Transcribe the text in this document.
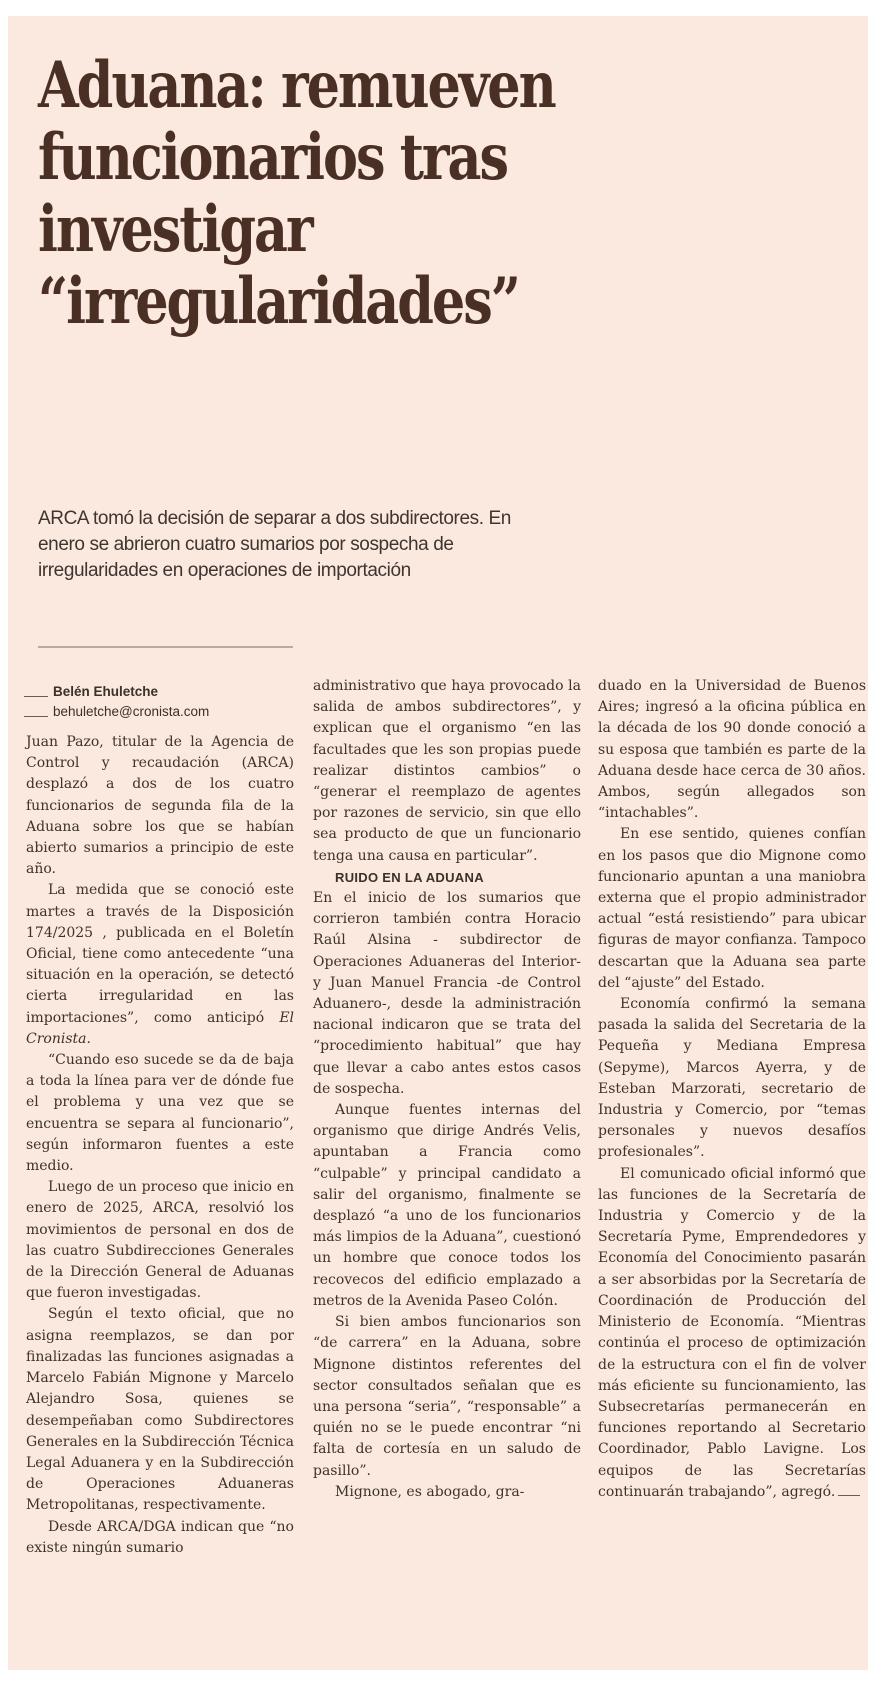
Aduana: remueven
funcionarios tras
investigar
“irregularidades”

ARCA tomó la decisión de separar a dos subdirectores. En enero se abrieron cuatro sumarios por sospecha de irregularidades en operaciones de importación

Belén Ehuletche
behuletche@cronista.com

Juan Pazo, titular de la Agencia de Control y recaudación (ARCA) desplazó a dos de los cuatro funcionarios de segunda fila de la Aduana sobre los que se habían abierto sumarios a principio de este año.

La medida que se conoció este martes a través de la Disposición 174/2025 , publicada en el Boletín Oficial, tiene como antecedente “una situación en la operación, se detectó cierta irregularidad en las importaciones”, como anticipó El Cronista.

“Cuando eso sucede se da de baja a toda la línea para ver de dónde fue el problema y una vez que se encuentra se separa al funcionario”, según informaron fuentes a este medio.

Luego de un proceso que inicio en enero de 2025, ARCA, resolvió los movimientos de personal en dos de las cuatro Subdirecciones Generales de la Dirección General de Aduanas que fueron investigadas.

Según el texto oficial, que no asigna reemplazos, se dan por finalizadas las funciones asignadas a Marcelo Fabián Mignone y Marcelo Alejandro Sosa, quienes se desempeñaban como Subdirectores Generales en la Subdirección Técnica Legal Aduanera y en la Subdirección de Operaciones Aduaneras Metropolitanas, respectivamente.

Desde ARCA/DGA indican que “no existe ningún sumario

administrativo que haya provocado la salida de ambos subdirectores”, y explican que el organismo “en las facultades que les son propias puede realizar distintos cambios” o “generar el reemplazo de agentes por razones de servicio, sin que ello sea producto de que un funcionario tenga una causa en particular”.

RUIDO EN LA ADUANA

En el inicio de los sumarios que corrieron también contra Horacio Raúl Alsina - subdirector de Operaciones Aduaneras del Interior- y Juan Manuel Francia -de Control Aduanero-, desde la administración nacional indicaron que se trata del “procedimiento habitual” que hay que llevar a cabo antes estos casos de sospecha.

Aunque fuentes internas del organismo que dirige Andrés Velis, apuntaban a Francia como “culpable” y principal candidato a salir del organismo, finalmente se desplazó “a uno de los funcionarios más limpios de la Aduana”, cuestionó un hombre que conoce todos los recovecos del edificio emplazado a metros de la Avenida Paseo Colón.

Si bien ambos funcionarios son “de carrera” en la Aduana, sobre Mignone distintos referentes del sector consultados señalan que es una persona “seria”, “responsable” a quién no se le puede encontrar “ni falta de cortesía en un saludo de pasillo”.

Mignone, es abogado, gra-

duado en la Universidad de Buenos Aires; ingresó a la oficina pública en la década de los 90 donde conoció a su esposa que también es parte de la Aduana desde hace cerca de 30 años. Ambos, según allegados son “intachables”.

En ese sentido, quienes confían en los pasos que dio Mignone como funcionario apuntan a una maniobra externa que el propio administrador actual “está resistiendo” para ubicar figuras de mayor confianza. Tampoco descartan que la Aduana sea parte del “ajuste” del Estado.

Economía confirmó la semana pasada la salida del Secretaria de la Pequeña y Mediana Empresa (Sepyme), Marcos Ayerra, y de Esteban Marzorati, secretario de Industria y Comercio, por “temas personales y nuevos desafíos profesionales”.

El comunicado oficial informó que las funciones de la Secretaría de Industria y Comercio y de la Secretaría Pyme, Emprendedores y Economía del Conocimiento pasarán a ser absorbidas por la Secretaría de Coordinación de Producción del Ministerio de Economía. “Mientras continúa el proceso de optimización de la estructura con el fin de volver más eficiente su funcionamiento, las Subsecretarías permanecerán en funciones reportando al Secretario Coordinador, Pablo Lavigne. Los equipos de las Secretarías continuarán trabajando”, agregó.
